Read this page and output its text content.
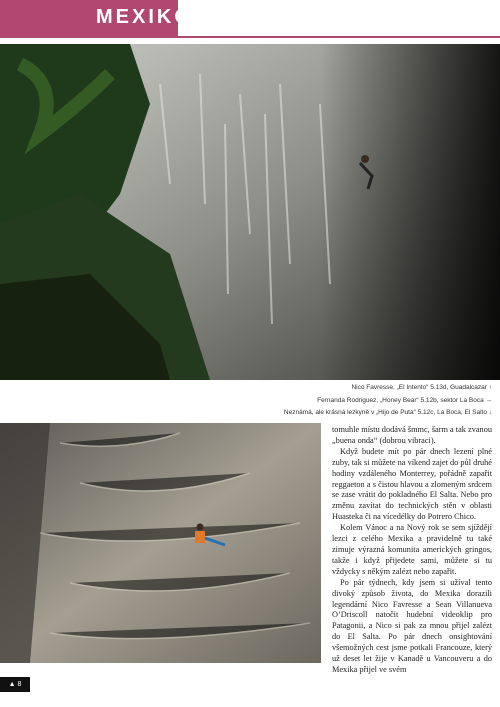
MEXIKO
Nico Favresse, „El Intento“ 5.13d, Guadalcazar ↑
Fernanda Rodriguez, „Honey Bear“ 5.12b, sektor La Boca →
Neznámá, ale krásná lezkyně v „Hijo de Puta“ 5.12c, La Boca, El Salto ↓

tomuhle místu dodává šmmc, šarm a tak zvanou „buena onda“ (dobrou vibraci).

Když budete mít po pár dnech lezení plné zuby, tak si můžete na víkend zajet do půl druhé hodiny vzdáleného Monterrey, pořádně zapařit reggaeton a s čistou hlavou a zlomeným srdcem se zase vrátit do pokladného El Salta. Nebo pro změnu zavítat do technických stěn v oblasti Huasteka či na vícedélky do Potrero Chico.

Kolem Vánoc a na Nový rok se sem sjíždějí lezci z celého Mexika a pravidelně tu také zimuje výrazná komunita amerických gringos, takže i když přijedete sami, můžete si tu vždycky s někým zalézt nebo zapařit.

Po pár týdnech, kdy jsem si užíval tento divoký způsob života, do Mexika dorazili legendární Nico Favresse a Sean Villanueva O’Driscoll natočit hudební videoklip pro Patagonii, a Nico si pak za mnou přijel zalézt do El Salta. Po pár dnech onsightování všemožných cest jsme potkali Francouze, který už deset let žije v Kanadě u Vancouveru a do Mexika přijel ve svém

▲ 8
